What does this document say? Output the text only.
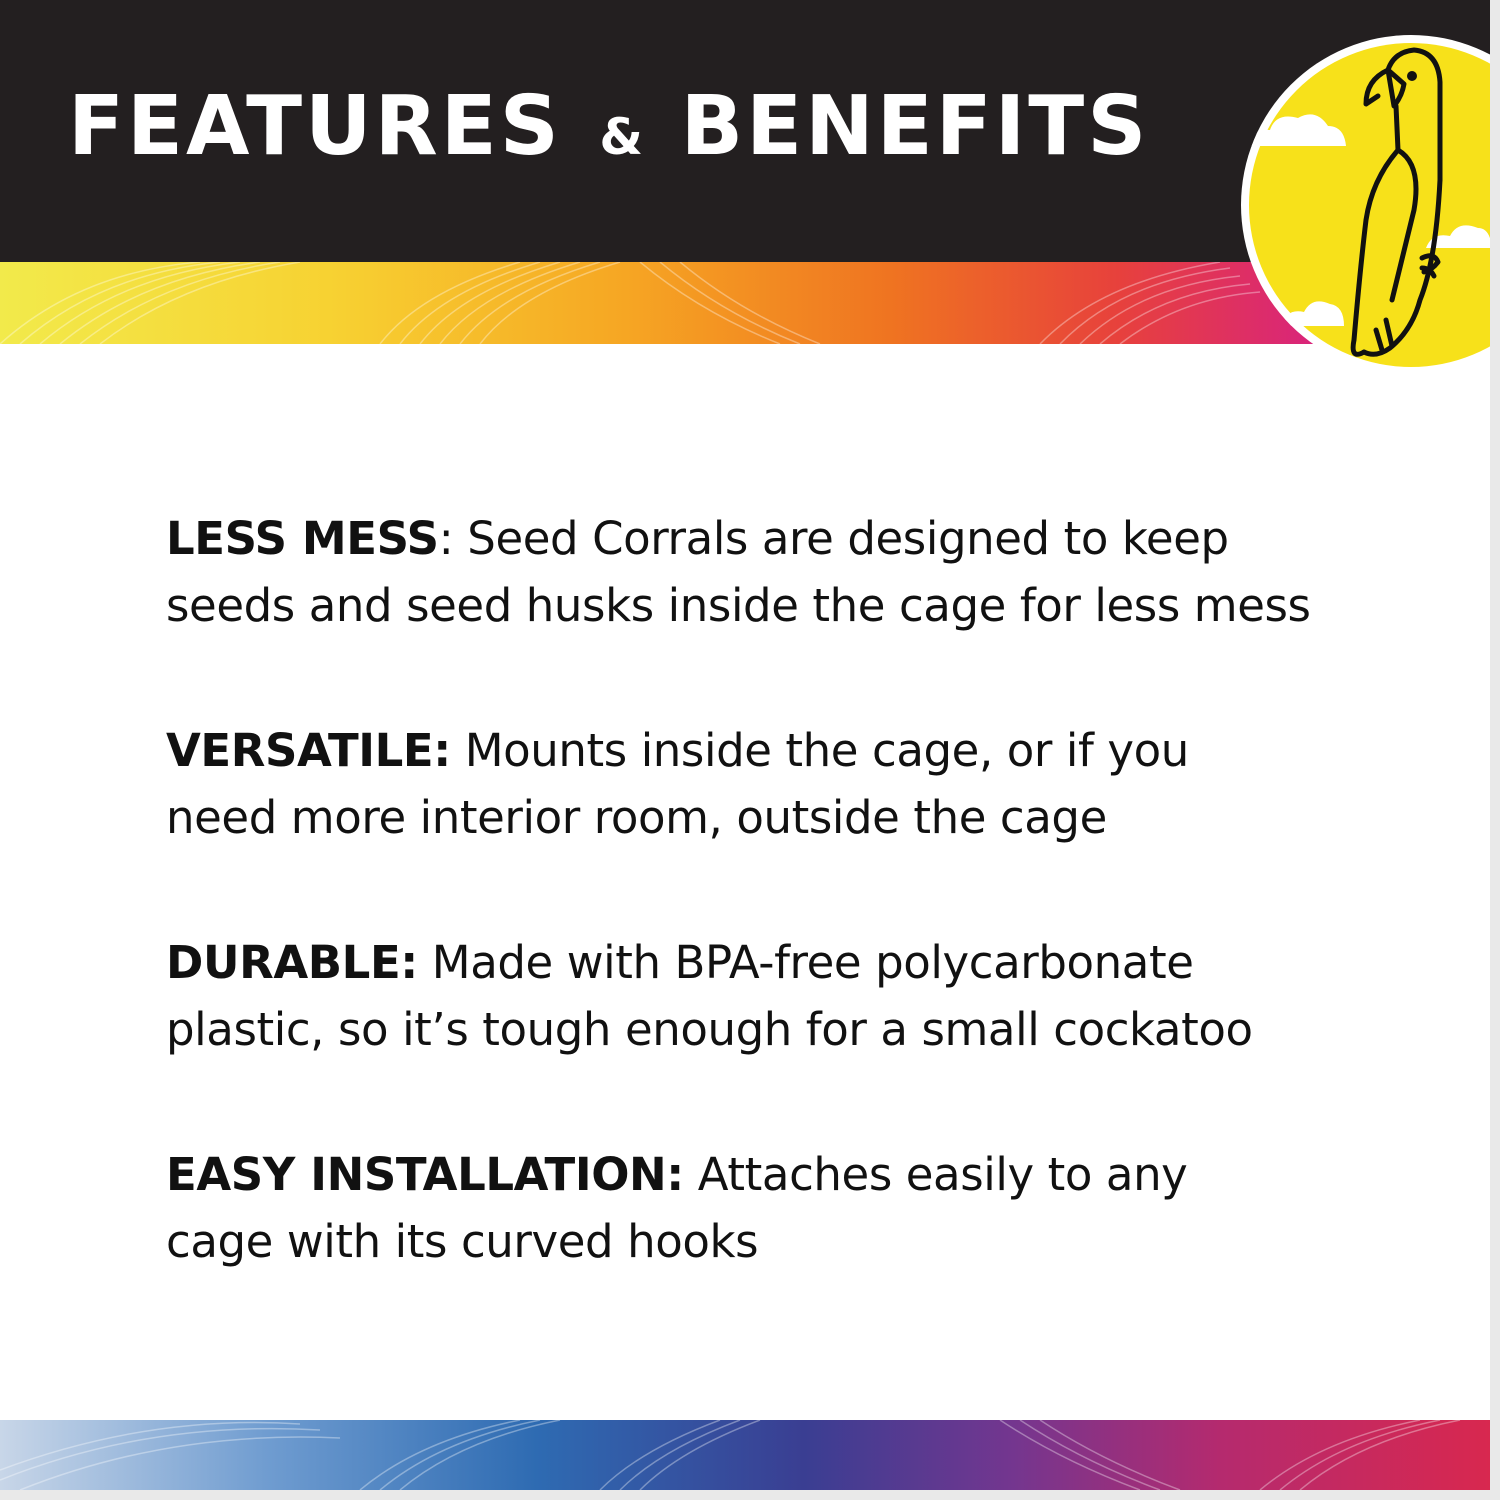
FEATURES & BENEFITS
LESS MESS: Seed Corrals are designed to keep
seeds and seed husks inside the cage for less mess
VERSATILE: Mounts inside the cage, or if you
need more interior room, outside the cage
DURABLE: Made with BPA-free polycarbonate
plastic, so it’s tough enough for a small cockatoo
EASY INSTALLATION: Attaches easily to any
cage with its curved hooks
